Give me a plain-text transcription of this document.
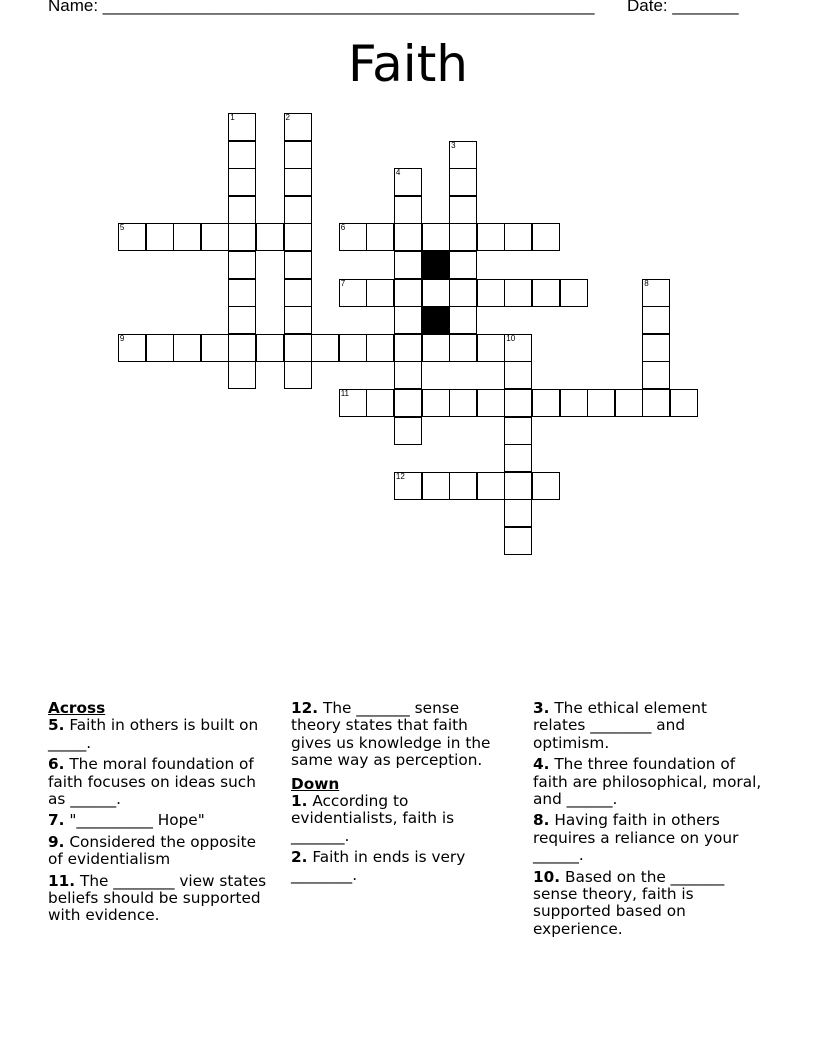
Name: ____________________________________________________ Date: _______
Faith
1	2
3
4
5	6
7	8
9	10
11
12
Across
5. Faith in others is built on _____.
6. The moral foundation of faith focuses on ideas such as ______.
7. "__________ Hope"
9. Considered the opposite of evidentialism
11. The ________ view states beliefs should be supported with evidence.
12. The _______ sense theory states that faith gives us knowledge in the same way as perception.
Down
1. According to evidentialists, faith is _______.
2. Faith in ends is very ________.
3. The ethical element relates ________ and optimism.
4. The three foundation of faith are philosophical, moral, and ______.
8. Having faith in others requires a reliance on your ______.
10. Based on the _______ sense theory, faith is supported based on experience.
